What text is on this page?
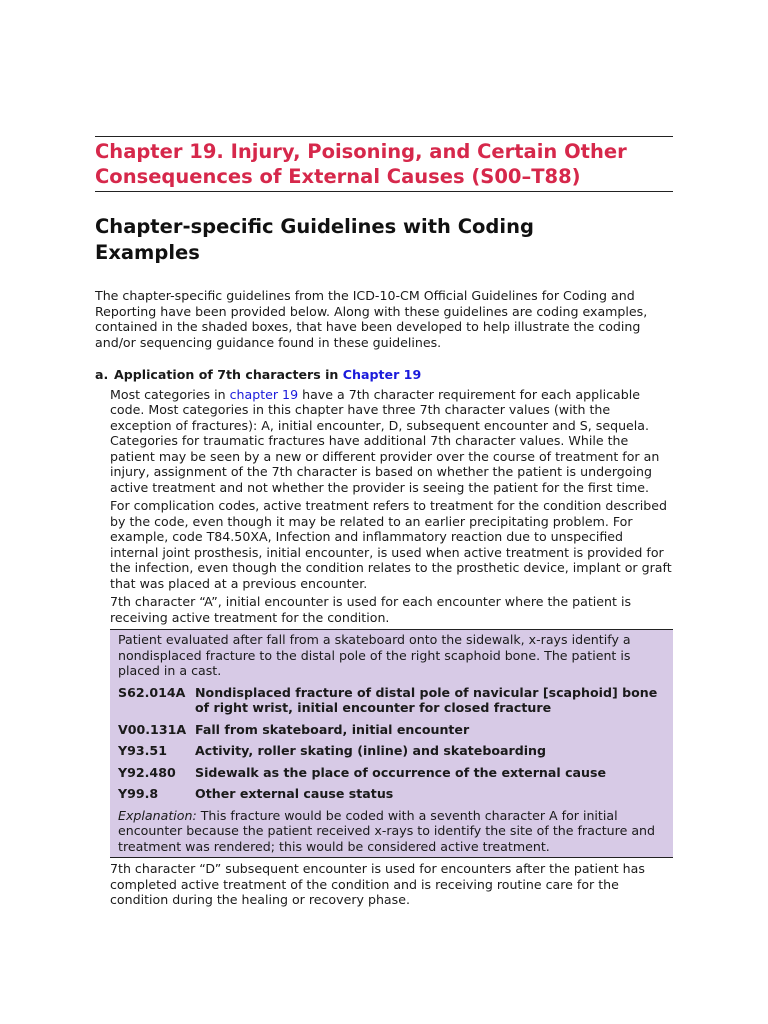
Chapter 19. Injury, Poisoning, and Certain Other
Consequences of External Causes (S00–T88)
Chapter-specific Guidelines with Coding
Examples

The chapter-specific guidelines from the ICD-10-CM Official Guidelines for Coding and Reporting have been provided below. Along with these guidelines are coding examples, contained in the shaded boxes, that have been developed to help illustrate the coding and/or sequencing guidance found in these guidelines.

a. Application of 7th characters in Chapter 19

Most categories in chapter 19 have a 7th character requirement for each applicable code. Most categories in this chapter have three 7th character values (with the exception of fractures): A, initial encounter, D, subsequent encounter and S, sequela. Categories for traumatic fractures have additional 7th character values. While the patient may be seen by a new or different provider over the course of treatment for an injury, assignment of the 7th character is based on whether the patient is undergoing active treatment and not whether the provider is seeing the patient for the first time.

For complication codes, active treatment refers to treatment for the condition described by the code, even though it may be related to an earlier precipitating problem. For example, code T84.50XA, Infection and inflammatory reaction due to unspecified internal joint prosthesis, initial encounter, is used when active treatment is provided for the infection, even though the condition relates to the prosthetic device, implant or graft that was placed at a previous encounter.

7th character “A”, initial encounter is used for each encounter where the patient is receiving active treatment for the condition.

Patient evaluated after fall from a skateboard onto the sidewalk, x-rays identify a nondisplaced fracture to the distal pole of the right scaphoid bone. The patient is placed in a cast.
S62.014A Nondisplaced fracture of distal pole of navicular [scaphoid] bone of right wrist, initial encounter for closed fracture
V00.131A Fall from skateboard, initial encounter
Y93.51	Activity, roller skating (inline) and skateboarding
Y92.480	Sidewalk as the place of occurrence of the external cause
Y99.8	Other external cause status
Explanation: This fracture would be coded with a seventh character A for initial encounter because the patient received x-rays to identify the site of the fracture and treatment was rendered; this would be considered active treatment.

7th character “D” subsequent encounter is used for encounters after the patient has completed active treatment of the condition and is receiving routine care for the condition during the healing or recovery phase.
